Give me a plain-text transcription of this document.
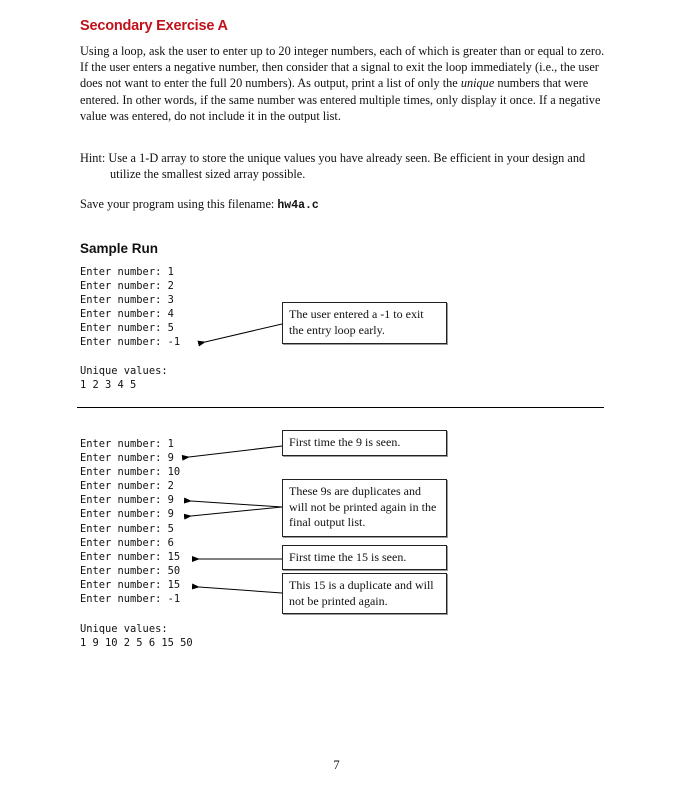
Secondary Exercise A
Using a loop, ask the user to enter up to 20 integer numbers, each of which is greater than or equal to zero. If the user enters a negative number, then consider that a signal to exit the loop immediately (i.e., the user does not want to enter the full 20 numbers). As output, print a list of only the unique numbers that were entered. In other words, if the same number was entered multiple times, only display it once. If a negative value was entered, do not include it in the output list.
Hint: Use a 1-D array to store the unique values you have already seen. Be efficient in your design and utilize the smallest sized array possible.
Save your program using this filename: hw4a.c
Sample Run
Enter number: 1
Enter number: 2
Enter number: 3
Enter number: 4
Enter number: 5
Enter number: -1
Unique values:
1 2 3 4 5
The user entered a -1 to exit the entry loop early.
Enter number: 1
Enter number: 9
Enter number: 10
Enter number: 2
Enter number: 9
Enter number: 9
Enter number: 5
Enter number: 6
Enter number: 15
Enter number: 50
Enter number: 15
Enter number: -1
Unique values:
1 9 10 2 5 6 15 50
First time the 9 is seen.
These 9s are duplicates and will not be printed again in the final output list.
First time the 15 is seen.
This 15 is a duplicate and will not be printed again.
7
